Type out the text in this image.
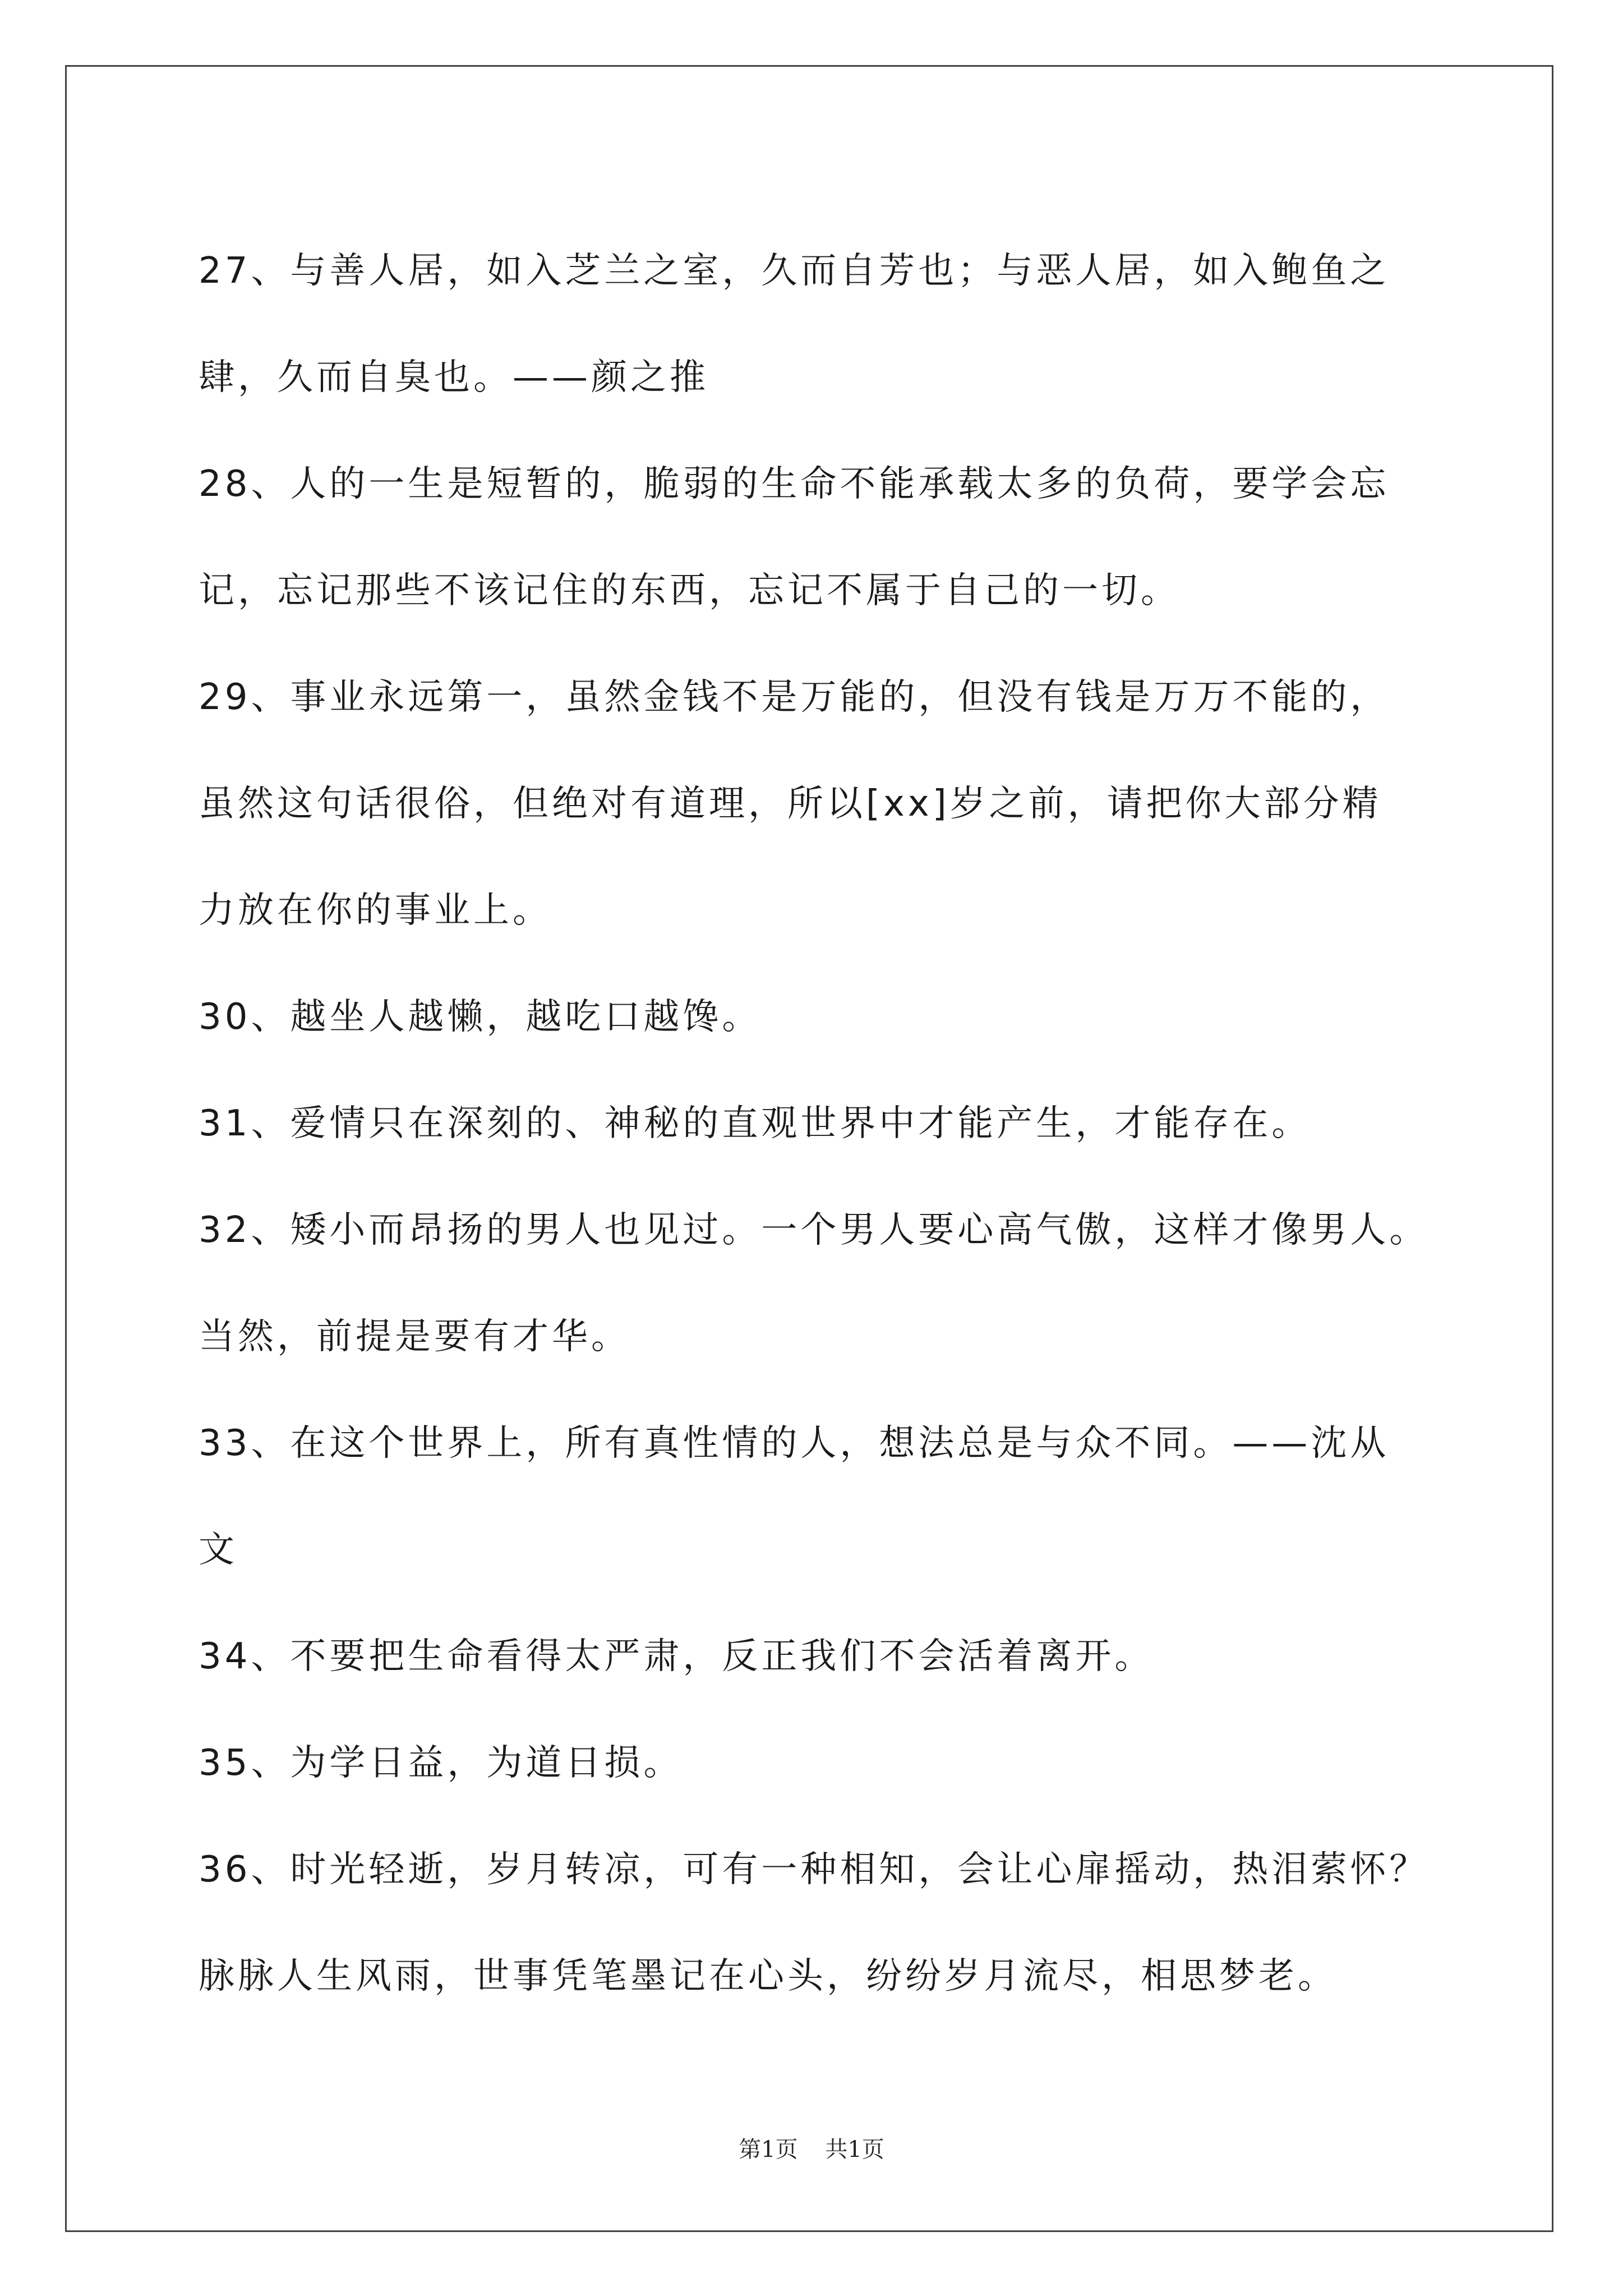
27、与善人居，如入芝兰之室，久而自芳也；与恶人居，如入鲍鱼之
肆，久而自臭也。——颜之推
28、人的一生是短暂的，脆弱的生命不能承载太多的负荷，要学会忘
记，忘记那些不该记住的东西，忘记不属于自己的一切。
29、事业永远第一，虽然金钱不是万能的，但没有钱是万万不能的，
虽然这句话很俗，但绝对有道理，所以[xx]岁之前，请把你大部分精
力放在你的事业上。
30、越坐人越懒，越吃口越馋。
31、爱情只在深刻的、神秘的直观世界中才能产生，才能存在。
32、矮小而昂扬的男人也见过。一个男人要心高气傲，这样才像男人。
当然，前提是要有才华。
33、在这个世界上，所有真性情的人，想法总是与众不同。——沈从
文
34、不要把生命看得太严肃，反正我们不会活着离开。
35、为学日益，为道日损。
36、时光轻逝，岁月转凉，可有一种相知，会让心扉摇动，热泪萦怀？
脉脉人生风雨，世事凭笔墨记在心头，纷纷岁月流尽，相思梦老。
第1页 共1页
